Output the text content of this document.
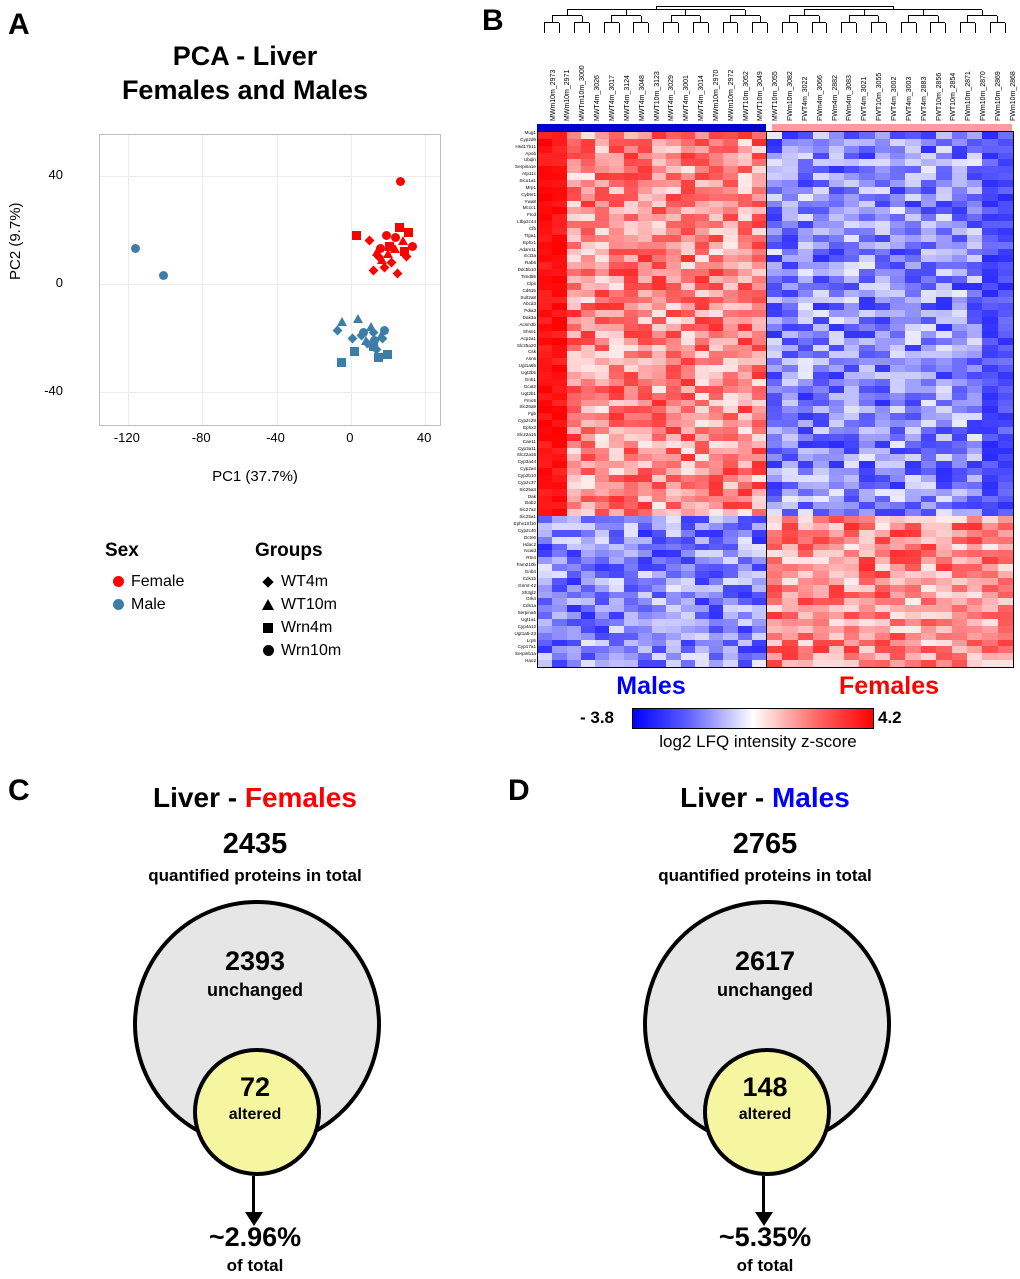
A
PCA - Liver
Females and Males
PC2 (9.7%)
PC1 (37.7%)
-120	-80	-40	0	40
40
0
-40
Sex
Female
Male
Groups
WT4m
WT10m
Wrn4m
Wrn10m
B
MWm10m_2973 MWm10m_2971 MWTm10m_3000 MWT4m_3026 MWT4m_3017 MWT4m_3124 MWT4m_3048 MWT10m_3123 MWT4m_3029 MWT4m_3001 MWT4m_3014 MWm10m_2970 MWm10m_2972 MWT10m_3052 MWT10m_3049 MWT10m_3055 FWm10m_3082 FWT4m_3022 FWm4m_3066 FWm4m_2882 FWm4m_3083 FWT4m_3021 FWT10m_3055 FWT4m_3002 FWT4m_3003 FWT4m_2883 FWT10m_2856 FWT10m_2854 FWm10m_2871 FWm10m_2870 FWm10m_2869 FWm10m_2868
Mug1
Cyp2d9
Hsd17b11
Apob
Ubqln
Serpina1e
Atp11c
Slco1a1
Mrp1
Cyb5r1
Ywa8
Mccc1
Ftcd
Ltbp2c44
Cfb
Ttpa1
Ephx1
Adam11
Ect3a
Rab5
Ddc5b10
Timd55
Clpx
Cd615
Sult2a8
Abcd3
Pdia3
Dak3a
Acsm3b
Shsn1
Acp2a1
Slc25a20
Csk
Asns
Ugt1a6b
Ugt2b5
Gnb1
Gcat2
Ugt2b1
Fmo5
Slc26a9
Fgb
Cyp2c29
Ephx2
Slc22a15
Cae11
Cyp3a11
Slc22a15
Cyp3a44
Cyp2a4
Cyp2b10
Cyp2c37
Slc25a3
Dak
Dab2
Slc27a2
Slc25a1
Ephx1Sf10
Cyp2c40
Dctn6
Hdac2
Ncald
Rtn4
Fam210b
Gnb4
Cds1b
Gnmt-42
Sh3gl2
Grk4
Cds1a
Serpina6
Ugt1a1
Cyp4a12
Ugt1a5-33
Lrp5
Cyp17a1
Serpinb1a
Hao2
Males	Females
- 3.8	4.2
log2 LFQ intensity z-score
C	Liver - Females
2435
quantified proteins in total
2393
unchanged
72
altered
~2.96%
of total
D	Liver - Males
2765
quantified proteins in total
2617
unchanged
148
altered
~5.35%
of total
